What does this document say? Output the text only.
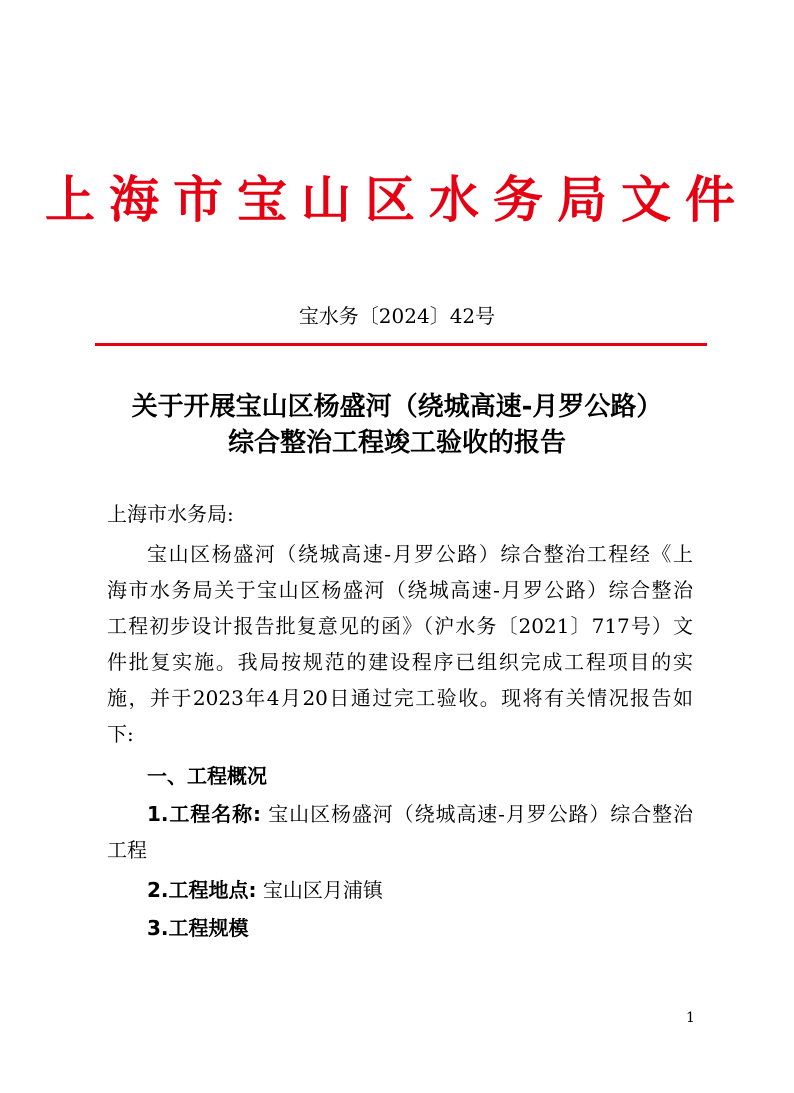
上海市宝山区水务局文件
宝水务〔2024〕42号
关于开展宝山区杨盛河（绕城高速-月罗公路）
综合整治工程竣工验收的报告
上海市水务局:
宝山区杨盛河（绕城高速-月罗公路）综合整治工程经《上
海市水务局关于宝山区杨盛河（绕城高速-月罗公路）综合整治
工程初步设计报告批复意见的函》（沪水务〔2021〕717号）文
件批复实施。我局按规范的建设程序已组织完成工程项目的实
施，并于2023年4月20日通过完工验收。现将有关情况报告如
下:
一、工程概况
1.工程名称: 宝山区杨盛河（绕城高速-月罗公路）综合整治
工程
2.工程地点: 宝山区月浦镇
3.工程规模
1
